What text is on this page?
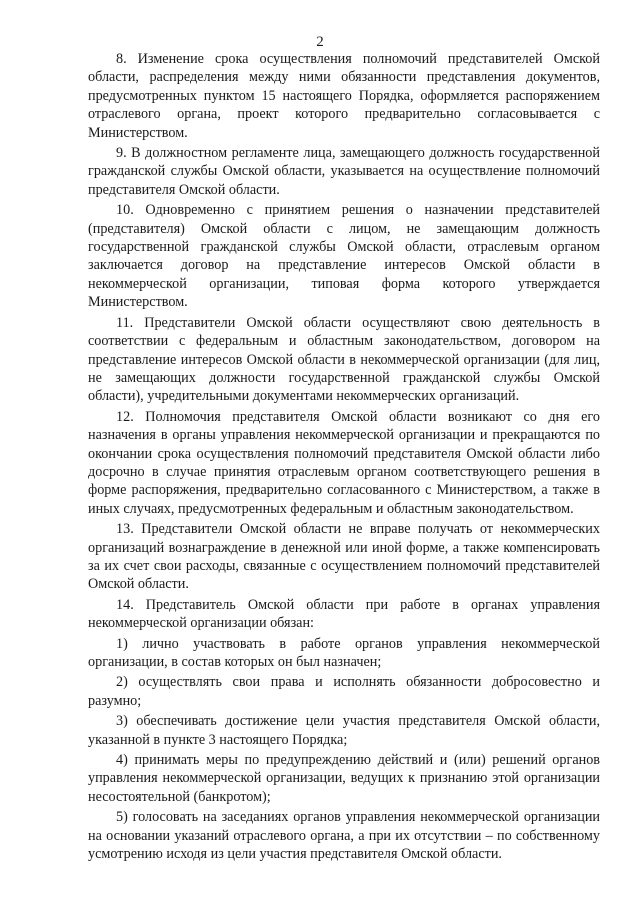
2

8. Изменение срока осуществления полномочий представителей Омской области, распределения между ними обязанности представления документов, предусмотренных пунктом 15 настоящего Порядка, оформляется распоряжением отраслевого органа, проект которого предварительно согласовывается с Министерством.

9. В должностном регламенте лица, замещающего должность государственной гражданской службы Омской области, указывается на осуществление полномочий представителя Омской области.

10. Одновременно с принятием решения о назначении представителей (представителя) Омской области с лицом, не замещающим должность государственной гражданской службы Омской области, отраслевым органом заключается договор на представление интересов Омской области в некоммерческой организации, типовая форма которого утверждается Министерством.

11. Представители Омской области осуществляют свою деятельность в соответствии с федеральным и областным законодательством, договором на представление интересов Омской области в некоммерческой организации (для лиц, не замещающих должности государственной гражданской службы Омской области), учредительными документами некоммерческих организаций.

12. Полномочия представителя Омской области возникают со дня его назначения в органы управления некоммерческой организации и прекращаются по окончании срока осуществления полномочий представителя Омской области либо досрочно в случае принятия отраслевым органом соответствующего решения в форме распоряжения, предварительно согласованного с Министерством, а также в иных случаях, предусмотренных федеральным и областным законодательством.

13. Представители Омской области не вправе получать от некоммерческих организаций вознаграждение в денежной или иной форме, а также компенсировать за их счет свои расходы, связанные с осуществлением полномочий представителей Омской области.

14. Представитель Омской области при работе в органах управления некоммерческой организации обязан:

1) лично участвовать в работе органов управления некоммерческой организации, в состав которых он был назначен;

2) осуществлять свои права и исполнять обязанности добросовестно и разумно;

3) обеспечивать достижение цели участия представителя Омской области, указанной в пункте 3 настоящего Порядка;

4) принимать меры по предупреждению действий и (или) решений органов управления некоммерческой организации, ведущих к признанию этой организации несостоятельной (банкротом);

5) голосовать на заседаниях органов управления некоммерческой организации на основании указаний отраслевого органа, а при их отсутствии – по собственному усмотрению исходя из цели участия представителя Омской области.
